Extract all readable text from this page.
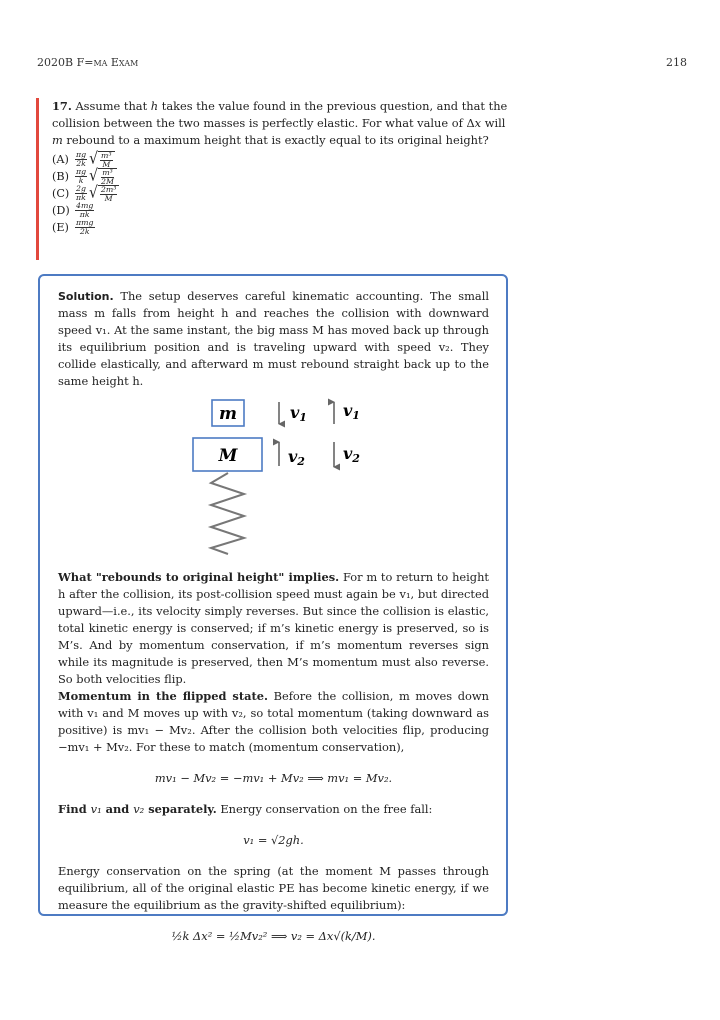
2020B F=ma Exam	218
17. Assume that h takes the value found in the previous question, and that the collision between the two masses is perfectly elastic. For what value of Δx will m rebound to a maximum height that is exactly equal to its original height?
$(A) \frac{\pi g}{2k}$ √ $\frac{\text{m³}}{M}$
$(B) \frac{\pi g}{k}$ √ $\frac{\text{m³}}{2M}$
$(C) \frac{2g}{\pi k}$ √ $\frac{\text{2m³}}{M}$
$(D) \frac{4mg}{\pi k}$
$(E) \frac{\text{πmg}}{2k}$

Solution. The setup deserves careful kinematic accounting. The small mass m falls from height h and reaches the collision with downward speed v₁. At the same instant, the big mass M has moved back up through its equilibrium position and is traveling upward with speed v₂. They collide elastically, and afterward m must rebound straight back up to the same height h.

m
M
v1 v1
v2 v2

What "rebounds to original height" implies. For m to return to height h after the collision, its post-collision speed must again be v₁, but directed upward—i.e., its velocity simply reverses. But since the collision is elastic, total kinetic energy is conserved; if m’s kinetic energy is preserved, so is M’s. And by momentum conservation, if m’s momentum reverses sign while its magnitude is preserved, then M’s momentum must also reverse. So both velocities flip.

Momentum in the flipped state. Before the collision, m moves down with v₁ and M moves up with v₂, so total momentum (taking downward as positive) is mv₁ − Mv₂. After the collision both velocities flip, producing −mv₁ + Mv₂. For these to match (momentum conservation),

mv₁ − Mv₂ = −mv₁ + Mv₂ ⟹ mv₁ = Mv₂.

Find v₁ and v₂ separately. Energy conservation on the free fall:

v₁ = √2gh.

Energy conservation on the spring (at the moment M passes through equilibrium, all of the original elastic PE has become kinetic energy, if we measure the equilibrium as the gravity-shifted equilibrium):

½k Δx² = ½Mv₂² ⟹ v₂ = Δx√(k/M).
